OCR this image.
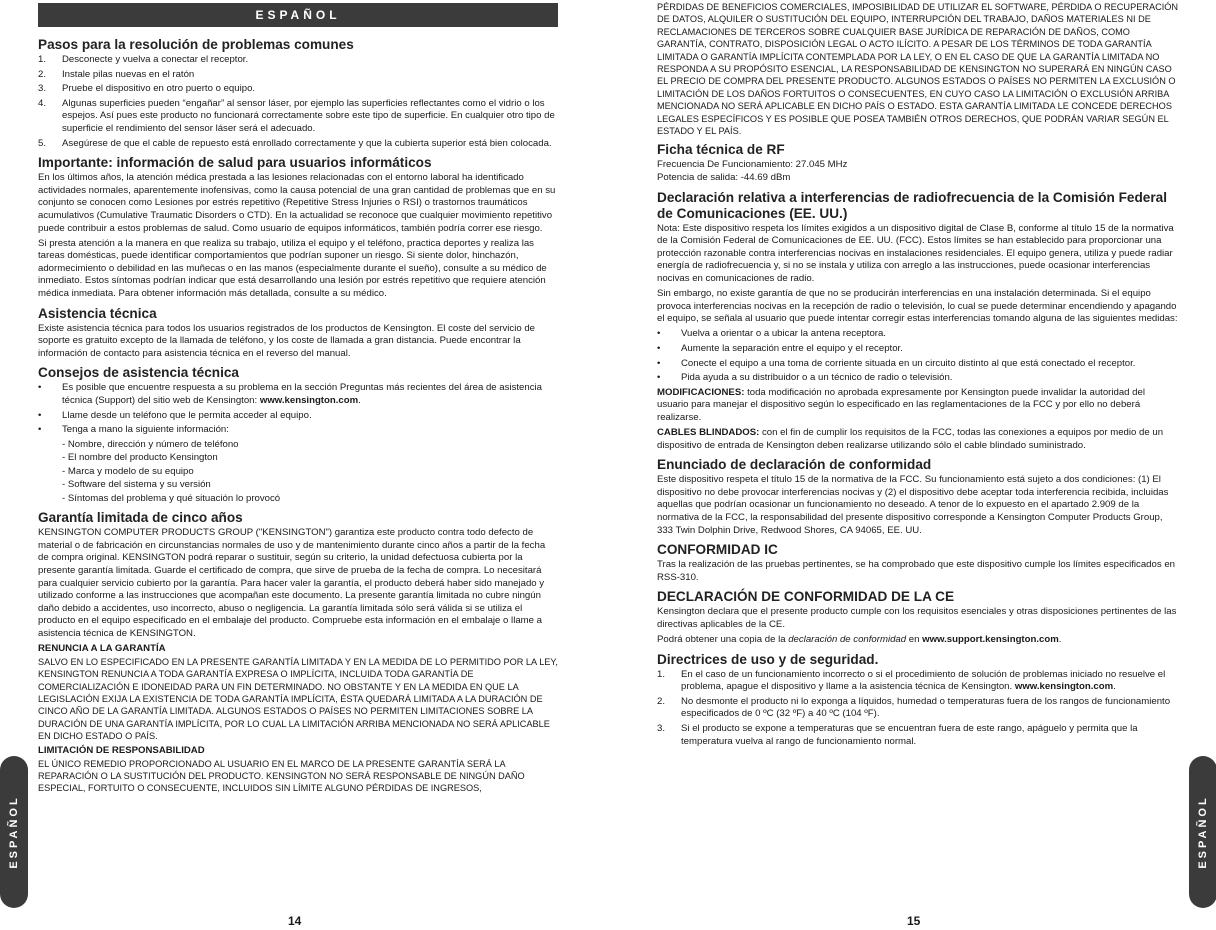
ESPAÑOL
Pasos para la resolución de problemas comunes
1. Desconecte y vuelva a conectar el receptor.
2. Instale pilas nuevas en el ratón
3. Pruebe el dispositivo en otro puerto o equipo.
4. Algunas superficies pueden “engañar” al sensor láser, por ejemplo las superficies reflectantes como el vidrio o los espejos. Así pues este producto no funcionará correctamente sobre este tipo de superficie. En cualquier otro tipo de superficie el rendimiento del sensor láser será el adecuado.
5. Asegúrese de que el cable de repuesto está enrollado correctamente y que la cubierta superior está bien colocada.
Importante: información de salud para usuarios informáticos

En los últimos años, la atención médica prestada a las lesiones relacionadas con el entorno laboral ha identificado actividades normales, aparentemente inofensivas, como la causa potencial de una gran cantidad de problemas que en su conjunto se conocen como Lesiones por estrés repetitivo (Repetitive Stress Injuries o RSI) o trastornos traumáticos acumulativos (Cumulative Traumatic Disorders o CTD). En la actualidad se reconoce que cualquier movimiento repetitivo puede contribuir a estos problemas de salud. Como usuario de equipos informáticos, también podría correr ese riesgo.

Si presta atención a la manera en que realiza su trabajo, utiliza el equipo y el teléfono, practica deportes y realiza las tareas domésticas, puede identificar comportamientos que podrían suponer un riesgo. Si siente dolor, hinchazón, adormecimiento o debilidad en las muñecas o en las manos (especialmente durante el sueño), consulte a su médico de inmediato. Estos síntomas podrían indicar que está desarrollando una lesión por estrés repetitivo que requiere atención médica inmediata. Para obtener información más detallada, consulte a su médico.

Asistencia técnica

Existe asistencia técnica para todos los usuarios registrados de los productos de Kensington. El coste del servicio de soporte es gratuito excepto de la llamada de teléfono, y los coste de llamada a gran distancia. Puede encontrar la información de contacto para asistencia técnica en el reverso del manual.

Consejos de asistencia técnica
• Es posible que encuentre respuesta a su problema en la sección Preguntas más recientes del área de asistencia técnica (Support) del sitio web de Kensington: www.kensington.com.
• Llame desde un teléfono que le permita acceder al equipo.
• Tenga a mano la siguiente información:
- Nombre, dirección y número de teléfono
- El nombre del producto Kensington
- Marca y modelo de su equipo
- Software del sistema y su versión
- Síntomas del problema y qué situación lo provocó
Garantía limitada de cinco años

KENSINGTON COMPUTER PRODUCTS GROUP ("KENSINGTON") garantiza este producto contra todo defecto de material o de fabricación en circunstancias normales de uso y de mantenimiento durante cinco años a partir de la fecha de compra original. KENSINGTON podrá reparar o sustituir, según su criterio, la unidad defectuosa cubierta por la presente garantía limitada. Guarde el certificado de compra, que sirve de prueba de la fecha de compra. Lo necesitará para cualquier servicio cubierto por la garantía. Para hacer valer la garantía, el producto deberá haber sido manejado y utilizado conforme a las instrucciones que acompañan este documento. La presente garantía limitada no cubre ningún daño debido a accidentes, uso incorrecto, abuso o negligencia. La garantía limitada sólo será válida si se utiliza el producto en el equipo especificado en el embalaje del producto. Compruebe esta información en el embalaje o llame a asistencia técnica de KENSINGTON.

RENUNCIA A LA GARANTÍA

SALVO EN LO ESPECIFICADO EN LA PRESENTE GARANTÍA LIMITADA Y EN LA MEDIDA DE LO PERMITIDO POR LA LEY, KENSINGTON RENUNCIA A TODA GARANTÍA EXPRESA O IMPLÍCITA, INCLUIDA TODA GARANTÍA DE COMERCIALIZACIÓN E IDONEIDAD PARA UN FIN DETERMINADO. NO OBSTANTE Y EN LA MEDIDA EN QUE LA LEGISLACIÓN EXIJA LA EXISTENCIA DE TODA GARANTÍA IMPLÍCITA, ÉSTA QUEDARÁ LIMITADA A LA DURACIÓN DE CINCO AÑO DE LA GARANTÍA LIMITADA. ALGUNOS ESTADOS O PAÍSES NO PERMITEN LIMITACIONES SOBRE LA DURACIÓN DE UNA GARANTÍA IMPLÍCITA, POR LO CUAL LA LIMITACIÓN ARRIBA MENCIONADA NO SERÁ APLICABLE EN DICHO ESTADO O PAÍS.

LIMITACIÓN DE RESPONSABILIDAD

EL ÚNICO REMEDIO PROPORCIONADO AL USUARIO EN EL MARCO DE LA PRESENTE GARANTÍA SERÁ LA REPARACIÓN O LA SUSTITUCIÓN DEL PRODUCTO. KENSINGTON NO SERÁ RESPONSABLE DE NINGÚN DAÑO ESPECIAL, FORTUITO O CONSECUENTE, INCLUIDOS SIN LÍMITE ALGUNO PÉRDIDAS DE INGRESOS,

14

PÉRDIDAS DE BENEFICIOS COMERCIALES, IMPOSIBILIDAD DE UTILIZAR EL SOFTWARE, PÉRDIDA O RECUPERACIÓN DE DATOS, ALQUILER O SUSTITUCIÓN DEL EQUIPO, INTERRUPCIÓN DEL TRABAJO, DAÑOS MATERIALES NI DE RECLAMACIONES DE TERCEROS SOBRE CUALQUIER BASE JURÍDICA DE REPARACIÓN DE DAÑOS, COMO GARANTÍA, CONTRATO, DISPOSICIÓN LEGAL O ACTO ILÍCITO. A PESAR DE LOS TÉRMINOS DE TODA GARANTÍA LIMITADA O GARANTÍA IMPLÍCITA CONTEMPLADA POR LA LEY, O EN EL CASO DE QUE LA GARANTÍA LIMITADA NO RESPONDA A SU PROPÓSITO ESENCIAL, LA RESPONSABILIDAD DE KENSINGTON NO SUPERARÁ EN NINGÚN CASO EL PRECIO DE COMPRA DEL PRESENTE PRODUCTO. ALGUNOS ESTADOS O PAÍSES NO PERMITEN LA EXCLUSIÓN O LIMITACIÓN DE LOS DAÑOS FORTUITOS O CONSECUENTES, EN CUYO CASO LA LIMITACIÓN O EXCLUSIÓN ARRIBA MENCIONADA NO SERÁ APLICABLE EN DICHO PAÍS O ESTADO. ESTA GARANTÍA LIMITADA LE CONCEDE DERECHOS LEGALES ESPECÍFICOS Y ES POSIBLE QUE POSEA TAMBIÉN OTROS DERECHOS, QUE PODRÁN VARIAR SEGÚN EL ESTADO Y EL PAÍS.

Ficha técnica de RF

Frecuencia De Funcionamiento: 27.045 MHz

Potencia de salida: -44.69 dBm

Declaración relativa a interferencias de radiofrecuencia de la Comisión Federal de Comunicaciones (EE. UU.)

Nota: Este dispositivo respeta los límites exigidos a un dispositivo digital de Clase B, conforme al título 15 de la normativa de la Comisión Federal de Comunicaciones de EE. UU. (FCC). Estos límites se han establecido para proporcionar una protección razonable contra interferencias nocivas en instalaciones residenciales. El equipo genera, utiliza y puede radiar energía de radiofrecuencia y, si no se instala y utiliza con arreglo a las instrucciones, puede ocasionar interferencias nocivas en comunicaciones de radio.

Sin embargo, no existe garantía de que no se producirán interferencias en una instalación determinada. Si el equipo provoca interferencias nocivas en la recepción de radio o televisión, lo cual se puede determinar encendiendo y apagando el equipo, se señala al usuario que puede intentar corregir estas interferencias tomando alguna de las siguientes medidas:

• Vuelva a orientar o a ubicar la antena receptora.
• Aumente la separación entre el equipo y el receptor.
• Conecte el equipo a una toma de corriente situada en un circuito distinto al que está conectado el receptor.
• Pida ayuda a su distribuidor o a un técnico de radio o televisión.

MODIFICACIONES: toda modificación no aprobada expresamente por Kensington puede invalidar la autoridad del usuario para manejar el dispositivo según lo especificado en las reglamentaciones de la FCC y por ello no deberá realizarse.

CABLES BLINDADOS: con el fin de cumplir los requisitos de la FCC, todas las conexiones a equipos por medio de un dispositivo de entrada de Kensington deben realizarse utilizando sólo el cable blindado suministrado.

Enunciado de declaración de conformidad

Este dispositivo respeta el título 15 de la normativa de la FCC. Su funcionamiento está sujeto a dos condiciones: (1) El dispositivo no debe provocar interferencias nocivas y (2) el dispositivo debe aceptar toda interferencia recibida, incluidas aquellas que podrían ocasionar un funcionamiento no deseado. A tenor de lo expuesto en el apartado 2.909 de la normativa de la FCC, la responsabilidad del presente dispositivo corresponde a Kensington Computer Products Group, 333 Twin Dolphin Drive, Redwood Shores, CA 94065, EE. UU.

CONFORMIDAD IC

Tras la realización de las pruebas pertinentes, se ha comprobado que este dispositivo cumple los límites especificados en RSS-310.

DECLARACIÓN DE CONFORMIDAD DE LA CE

Kensington declara que el presente producto cumple con los requisitos esenciales y otras disposiciones pertinentes de las directivas aplicables de la CE.

Podrá obtener una copia de la declaración de conformidad en www.support.kensington.com.

Directrices de uso y de seguridad.
1. En el caso de un funcionamiento incorrecto o si el procedimiento de solución de problemas iniciado no resuelve el problema, apague el dispositivo y llame a la asistencia técnica de Kensington. www.kensington.com.
2. No desmonte el producto ni lo exponga a líquidos, humedad o temperaturas fuera de los rangos de funcionamiento especificados de 0 ºC (32 ºF) a 40 ºC (104 ºF).
3. Si el producto se expone a temperaturas que se encuentran fuera de este rango, apáguelo y permita que la temperatura vuelva al rango de funcionamiento normal.
15
ESPAÑOL	ESPAÑOL
